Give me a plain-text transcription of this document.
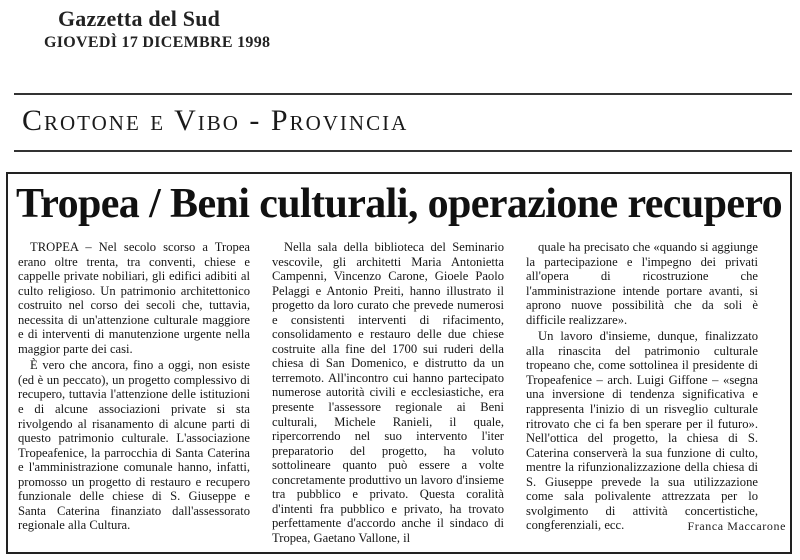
Gazzetta del Sud
GIOVEDÌ 17 DICEMBRE 1998
Crotone e Vibo - Provincia
Tropea / Beni culturali, operazione recupero

TROPEA – Nel secolo scorso a Tropea erano oltre trenta, tra conventi, chiese e cappelle private nobiliari, gli edifici adibiti al culto religioso. Un patrimonio architettonico costruito nel corso dei secoli che, tuttavia, necessita di un'attenzione culturale maggiore e di interventi di manutenzione urgente nella maggior parte dei casi.

È vero che ancora, fino a oggi, non esiste (ed è un peccato), un progetto complessivo di recupero, tuttavia l'attenzione delle istituzioni e di alcune associazioni private si sta rivolgendo al risanamento di alcune parti di questo patrimonio culturale. L'associazione Tropeafenice, la parrocchia di Santa Caterina e l'amministrazione comunale hanno, infatti, promosso un progetto di restauro e recupero funzionale delle chiese di S. Giuseppe e Santa Caterina finanziato dall'assessorato regionale alla Cultura.

Nella sala della biblioteca del Seminario vescovile, gli architetti Maria Antonietta Campenni, Vincenzo Carone, Gioele Paolo Pelaggi e Antonio Preiti, hanno illustrato il progetto da loro curato che prevede numerosi e consistenti interventi di rifacimento, consolidamento e restauro delle due chiese costruite alla fine del 1700 sui ruderi della chiesa di San Domenico, e distrutto da un terremoto. All'incontro cui hanno partecipato numerose autorità civili e ecclesiastiche, era presente l'assessore regionale ai Beni culturali, Michele Ranieli, il quale, ripercorrendo nel suo intervento l'iter preparatorio del progetto, ha voluto sottolineare quanto può essere a volte concretamente produttivo un lavoro d'insieme tra pubblico e privato. Questa coralità d'intenti fra pubblico e privato, ha trovato perfettamente d'accordo anche il sindaco di Tropea, Gaetano Vallone, il

quale ha precisato che «quando si aggiunge la partecipazione e l'impegno dei privati all'opera di ricostruzione che l'amministrazione intende portare avanti, si aprono nuove possibilità che da soli è difficile realizzare».

Un lavoro d'insieme, dunque, finalizzato alla rinascita del patrimonio culturale tropeano che, come sottolinea il presidente di Tropeafenice – arch. Luigi Giffone – «segna una inversione di tendenza significativa e rappresenta l'inizio di un risveglio culturale ritrovato che ci fa ben sperare per il futuro». Nell'ottica del progetto, la chiesa di S. Caterina conserverà la sua funzione di culto, mentre la rifunzionalizzazione della chiesa di S. Giuseppe prevede la sua utilizzazione come sala polivalente attrezzata per lo svolgimento di attività concertistiche, congferenziali, ecc.	Franca Maccarone
